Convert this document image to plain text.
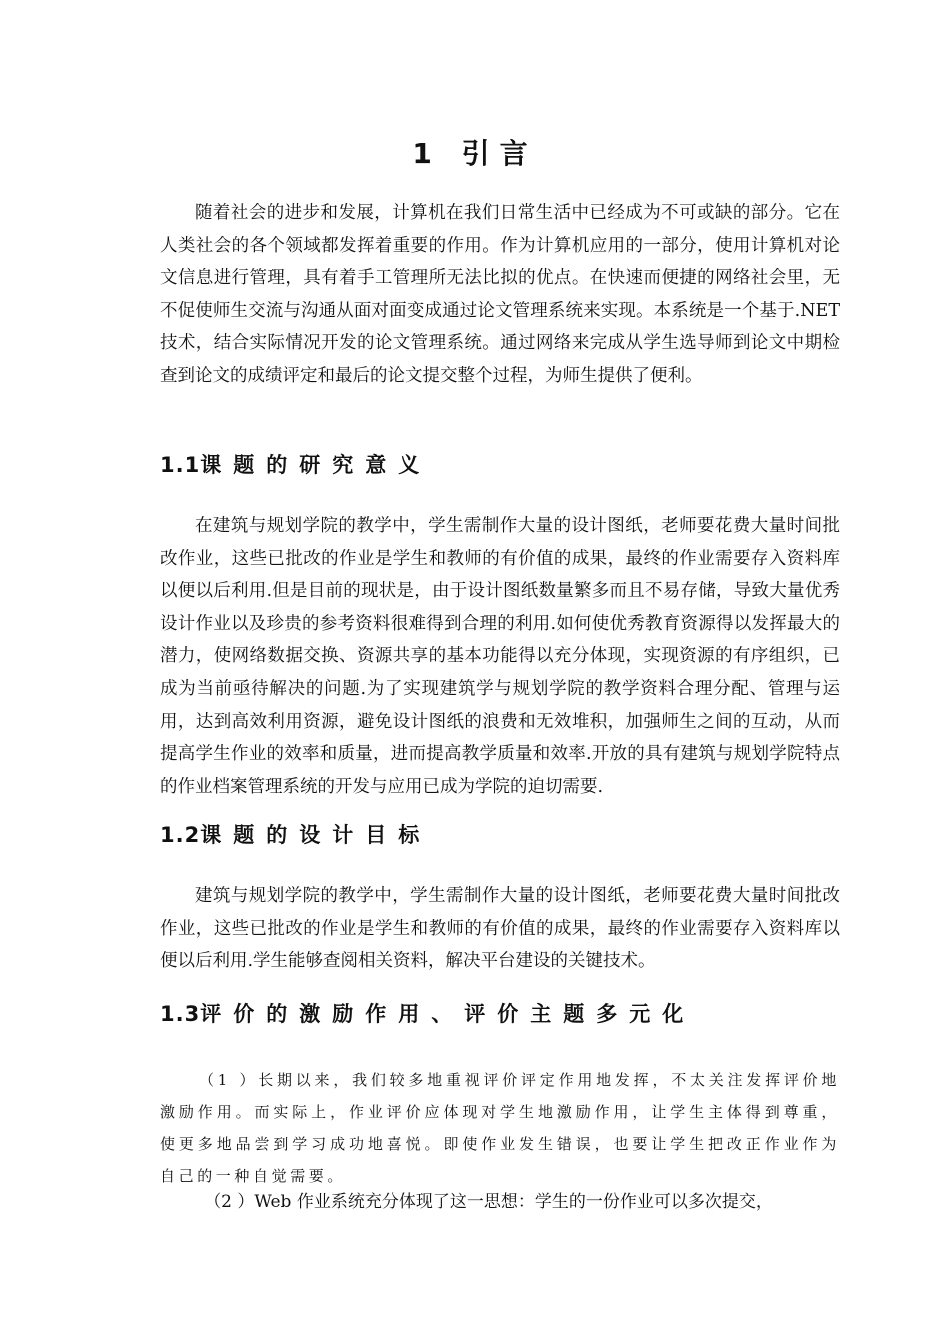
1 引言

随着社会的进步和发展，计算机在我们日常生活中已经成为不可或缺的部分。它在人类社会的各个领域都发挥着重要的作用。作为计算机应用的一部分，使用计算机对论文信息进行管理，具有着手工管理所无法比拟的优点。在快速而便捷的网络社会里，无不促使师生交流与沟通从面对面变成通过论文管理系统来实现。本系统是一个基于.NET技术，结合实际情况开发的论文管理系统。通过网络来完成从学生选导师到论文中期检查到论文的成绩评定和最后的论文提交整个过程，为师生提供了便利。

1.1课题的研究意义

在建筑与规划学院的教学中，学生需制作大量的设计图纸，老师要花费大量时间批改作业，这些已批改的作业是学生和教师的有价值的成果，最终的作业需要存入资料库以便以后利用.但是目前的现状是，由于设计图纸数量繁多而且不易存储，导致大量优秀设计作业以及珍贵的参考资料很难得到合理的利用.如何使优秀教育资源得以发挥最大的潜力，使网络数据交换、资源共享的基本功能得以充分体现，实现资源的有序组织，已成为当前亟待解决的问题.为了实现建筑学与规划学院的教学资料合理分配、管理与运用，达到高效利用资源，避免设计图纸的浪费和无效堆积，加强师生之间的互动，从而提高学生作业的效率和质量，进而提高教学质量和效率.开放的具有建筑与规划学院特点的作业档案管理系统的开发与应用已成为学院的迫切需要.

1.2课题的设计目标

建筑与规划学院的教学中，学生需制作大量的设计图纸，老师要花费大量时间批改作业，这些已批改的作业是学生和教师的有价值的成果，最终的作业需要存入资料库以便以后利用.学生能够查阅相关资料，解决平台建设的关键技术。

1.3评价的激励作用、评价主题多元化

（1 ）长期以来，我们较多地重视评价评定作用地发挥，不太关注发挥评价地激励作用。而实际上，作业评价应体现对学生地激励作用，让学生主体得到尊重，使更多地品尝到学习成功地喜悦。即使作业发生错误，也要让学生把改正作业作为自己的一种自觉需要。

（2 ）Web 作业系统充分体现了这一思想：学生的一份作业可以多次提交，
